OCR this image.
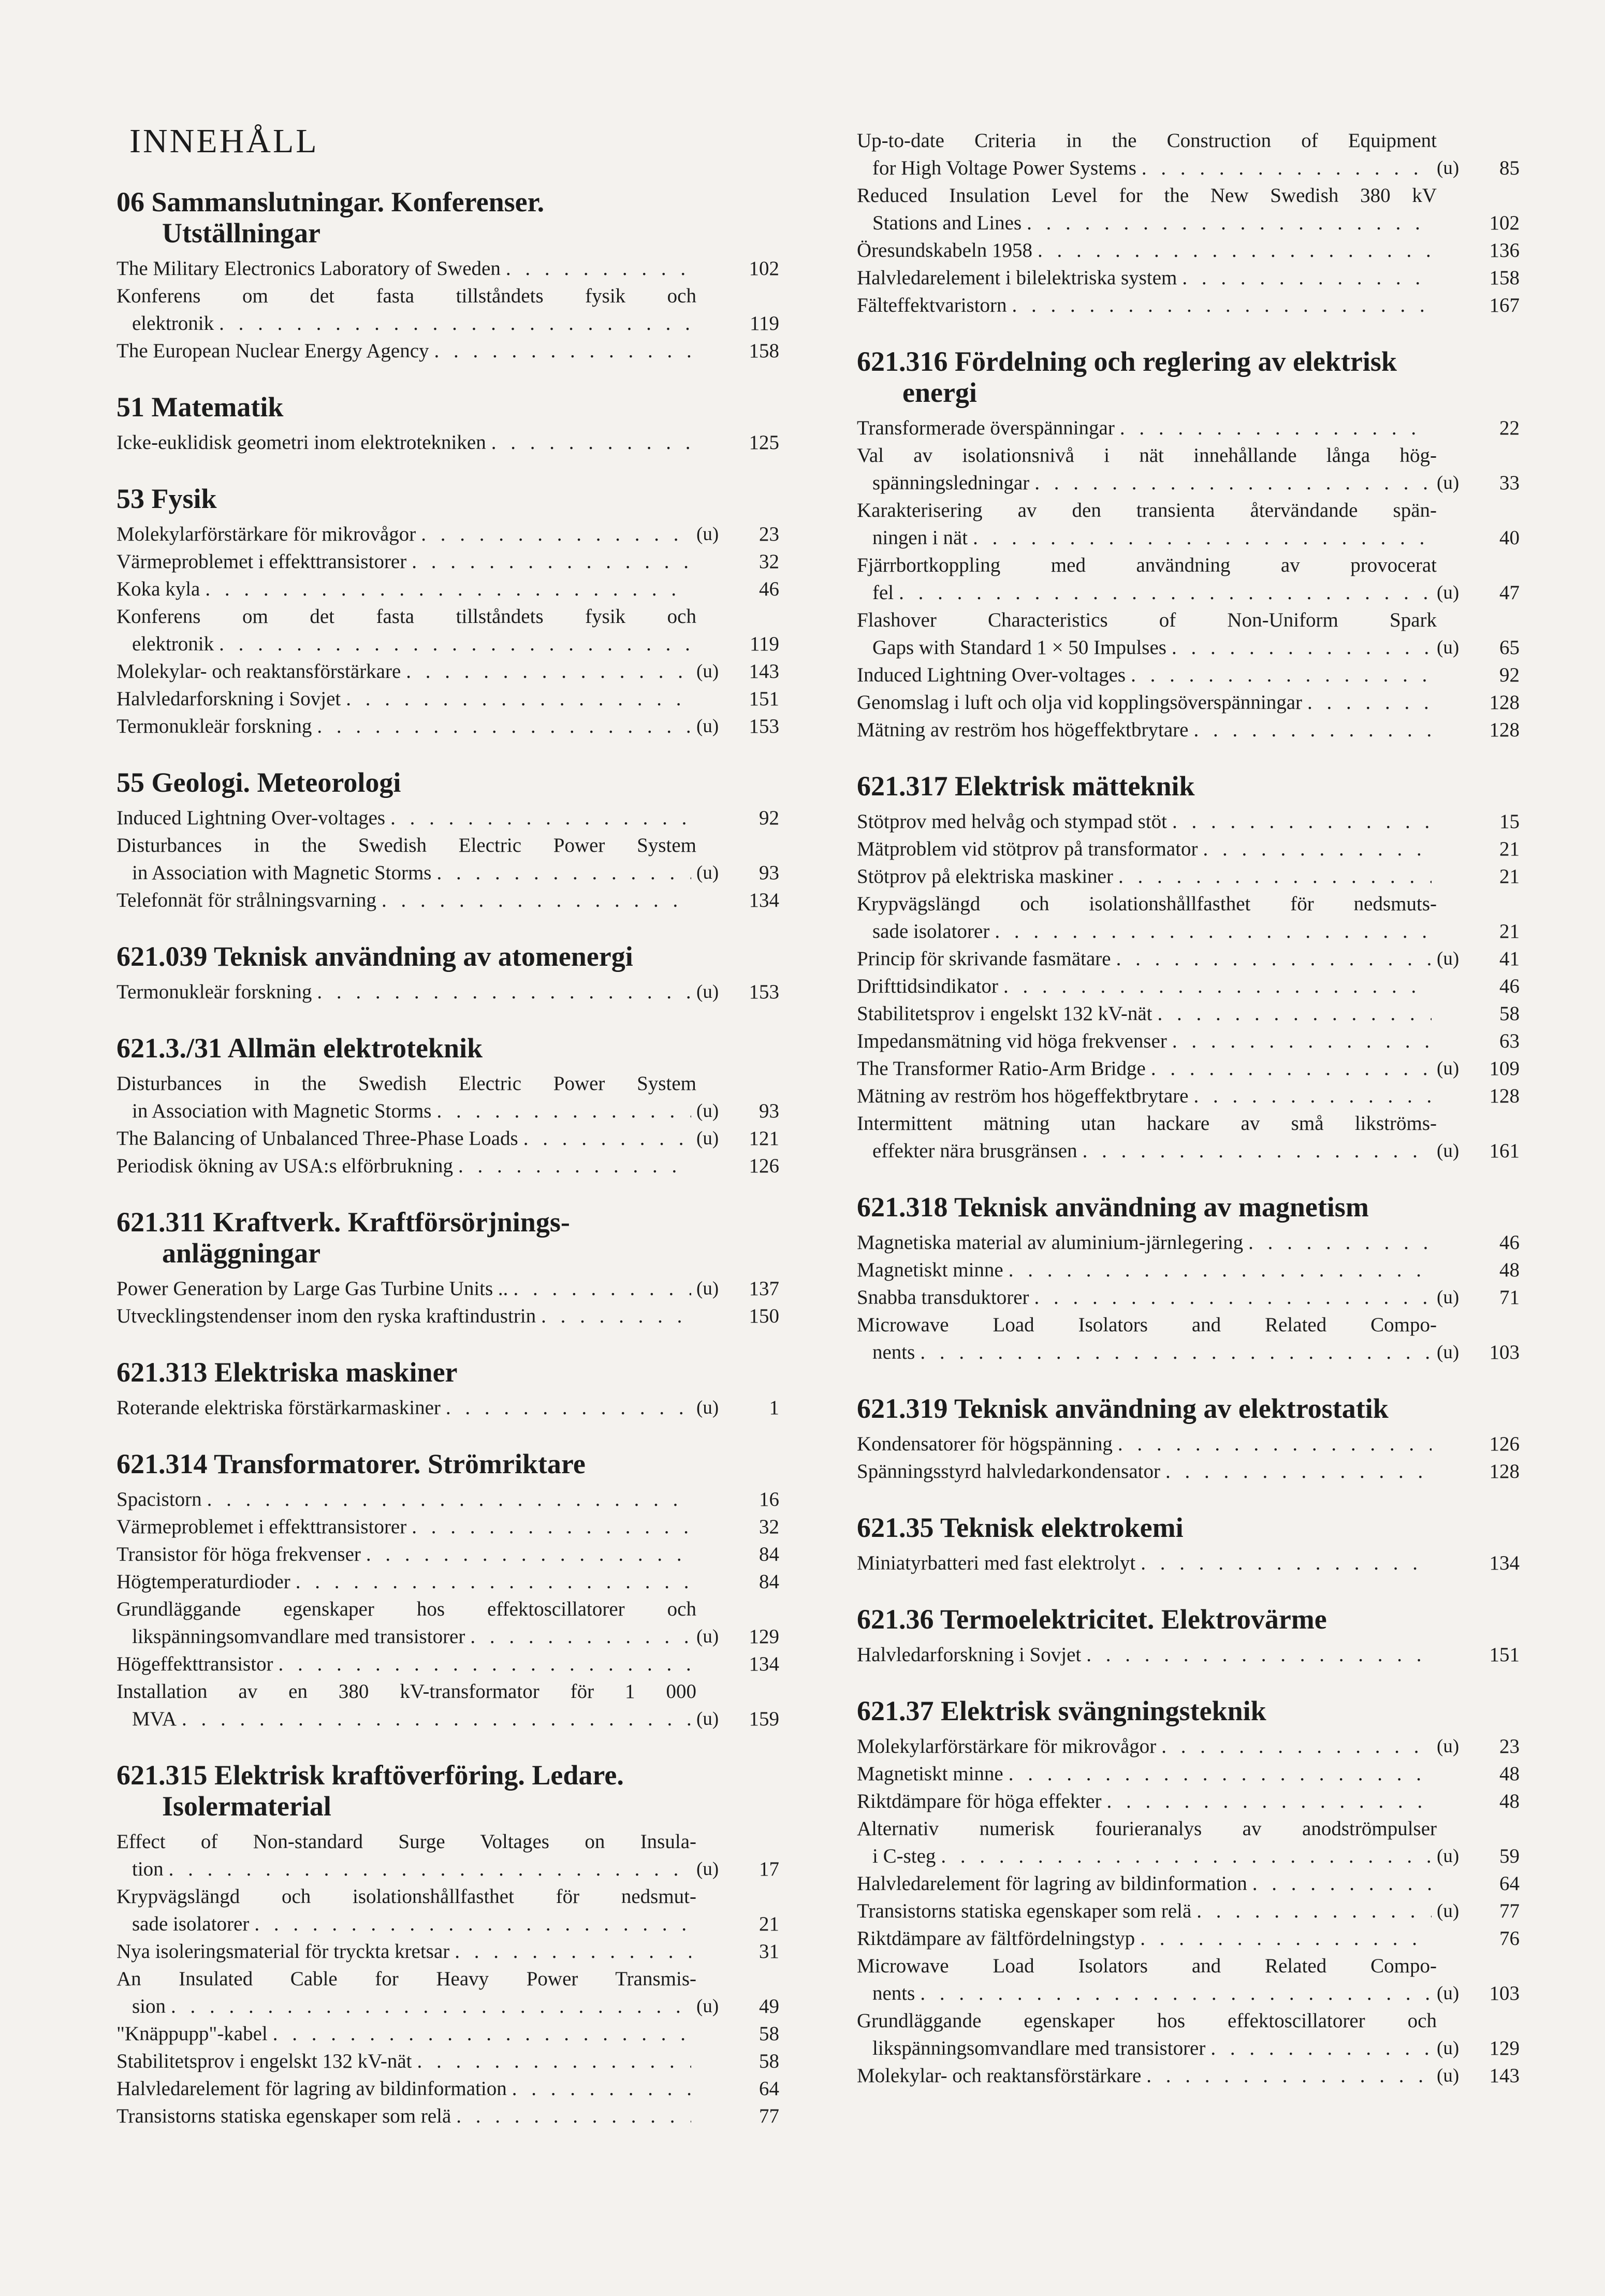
INNEHÅLL
06 Sammanslutningar. Konferenser.
Utställningar
The Military Electronics Laboratory of Sweden . . .	102
Konferens om det fasta tillståndets fysik och
elektronik . . .	119
The European Nuclear Energy Agency . . .	158
51 Matematik
Icke-euklidisk geometri inom elektrotekniken . . .	125
53 Fysik
Molekylarförstärkare för mikrovågor . . .	(u)	23
Värmeproblemet i effekttransistorer . . .	32
Koka kyla . . .	46
Konferens om det fasta tillståndets fysik och
elektronik . . .	119
Molekylar- och reaktansförstärkare . . .	(u)	143
Halvledarforskning i Sovjet . . .	151
Termonukleär forskning . . .	(u)	153
55 Geologi. Meteorologi
Induced Lightning Over-voltages . . .	92
Disturbances in the Swedish Electric Power System
in Association with Magnetic Storms . . .	(u)	93
Telefonnät för strålningsvarning . . .	134
621.039 Teknisk användning av atomenergi
Termonukleär forskning . . .	(u)	153
621.3./31 Allmän elektroteknik
Disturbances in the Swedish Electric Power System
in Association with Magnetic Storms . . .	(u)	93
The Balancing of Unbalanced Three-Phase Loads . . .	(u)	121
Periodisk ökning av USA:s elförbrukning . . .	126
621.311 Kraftverk. Kraftförsörjnings-
anläggningar
Power Generation by Large Gas Turbine Units .. . . .	(u)	137
Utvecklingstendenser inom den ryska kraftindustrin . . .	150
621.313 Elektriska maskiner
Roterande elektriska förstärkarmaskiner . . .	(u)	1
621.314 Transformatorer. Strömriktare
Spacistorn . . .	16
Värmeproblemet i effekttransistorer . . .	32
Transistor för höga frekvenser . . .	84
Högtemperaturdioder . . .	84
Grundläggande egenskaper hos effektoscillatorer och
likspänningsomvandlare med transistorer . . .	(u)	129
Högeffekttransistor . . .	134
Installation av en 380 kV-transformator för 1 000
MVA . . .	(u)	159
621.315 Elektrisk kraftöverföring. Ledare.
Isolermaterial
Effect of Non-standard Surge Voltages on Insula-
tion . . .	(u)	17
Krypvägslängd och isolationshållfasthet för nedsmut-
sade isolatorer . . .	21
Nya isoleringsmaterial för tryckta kretsar . . .	31
An Insulated Cable for Heavy Power Transmis-
sion . . .	(u)	49
"Knäppupp"-kabel . . .	58
Stabilitetsprov i engelskt 132 kV-nät . . .	58
Halvledarelement för lagring av bildinformation . . .	64
Transistorns statiska egenskaper som relä . . .	77
Up-to-date Criteria in the Construction of Equipment
for High Voltage Power Systems . . .	(u)	85
Reduced Insulation Level for the New Swedish 380 kV
Stations and Lines . . .	102
Öresundskabeln 1958 . . .	136
Halvledarelement i bilelektriska system . . .	158
Fälteffektvaristorn . . .	167
621.316 Fördelning och reglering av elektrisk
energi
Transformerade överspänningar . . .	22
Val av isolationsnivå i nät innehållande långa hög-
spänningsledningar . . .	(u)	33
Karakterisering av den transienta återvändande spän-
ningen i nät . . .	40
Fjärrbortkoppling med användning av provocerat
fel . . .	(u)	47
Flashover Characteristics of Non-Uniform Spark
Gaps with Standard 1 × 50 Impulses . . .	(u)	65
Induced Lightning Over-voltages . . .	92
Genomslag i luft och olja vid kopplingsöverspänningar . . .	128
Mätning av reström hos högeffektbrytare . . .	128
621.317 Elektrisk mätteknik
Stötprov med helvåg och stympad stöt . . .	15
Mätproblem vid stötprov på transformator . . .	21
Stötprov på elektriska maskiner . . .	21
Krypvägslängd och isolationshållfasthet för nedsmuts-
sade isolatorer . . .	21
Princip för skrivande fasmätare . . .	(u)	41
Drifttidsindikator . . .	46
Stabilitetsprov i engelskt 132 kV-nät . . .	58
Impedansmätning vid höga frekvenser . . .	63
The Transformer Ratio-Arm Bridge . . .	(u)	109
Mätning av reström hos högeffektbrytare . . .	128
Intermittent mätning utan hackare av små likströms-
effekter nära brusgränsen . . .	(u)	161
621.318 Teknisk användning av magnetism
Magnetiska material av aluminium-järnlegering . . .	46
Magnetiskt minne . . .	48
Snabba transduktorer . . .	(u)	71
Microwave Load Isolators and Related Compo-
nents . . .	(u)	103
621.319 Teknisk användning av elektrostatik
Kondensatorer för högspänning . . .	126
Spänningsstyrd halvledarkondensator . . .	128
621.35 Teknisk elektrokemi
Miniatyrbatteri med fast elektrolyt . . .	134
621.36 Termoelektricitet. Elektrovärme
Halvledarforskning i Sovjet . . .	151
621.37 Elektrisk svängningsteknik
Molekylarförstärkare för mikrovågor . . .	(u)	23
Magnetiskt minne . . .	48
Riktdämpare för höga effekter . . .	48
Alternativ numerisk fourieranalys av anodströmpulser
i C-steg . . .	(u)	59
Halvledarelement för lagring av bildinformation . . .	64
Transistorns statiska egenskaper som relä . . .	(u)	77
Riktdämpare av fältfördelningstyp . . .	76
Microwave Load Isolators and Related Compo-
nents . . .	(u)	103
Grundläggande egenskaper hos effektoscillatorer och
likspänningsomvandlare med transistorer . . .	(u)	129
Molekylar- och reaktansförstärkare . . .	(u)	143
